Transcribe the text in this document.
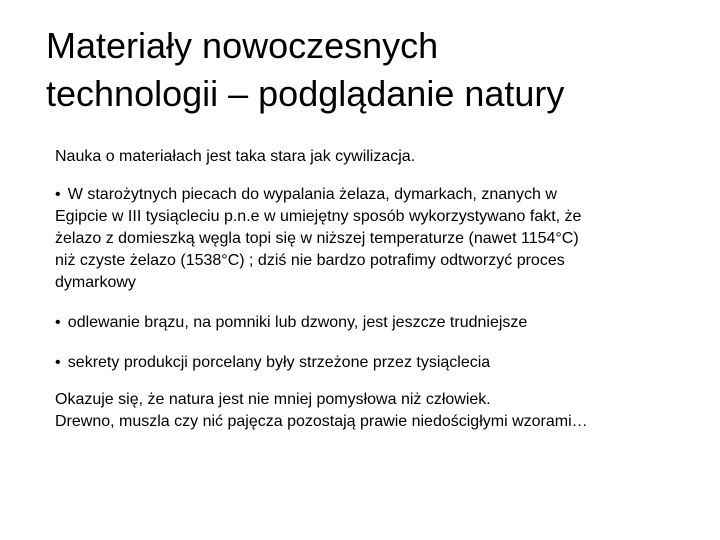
Materiały nowoczesnych
technologii – podglądanie natury

Nauka o materiałach jest taka stara jak cywilizacja.

• W starożytnych piecach do wypalania żelaza, dymarkach, znanych w
Egipcie w III tysiącleciu p.n.e w umiejętny sposób wykorzystywano fakt, że
żelazo z domieszką węgla topi się w niższej temperaturze (nawet 1154°C)
niż czyste żelazo (1538°C) ; dziś nie bardzo potrafimy odtworzyć proces
dymarkowy

• odlewanie brązu, na pomniki lub dzwony, jest jeszcze trudniejsze

• sekrety produkcji porcelany były strzeżone przez tysiąclecia

Okazuje się, że natura jest nie mniej pomysłowa niż człowiek.
Drewno, muszla czy nić pajęcza pozostają prawie niedościgłymi wzorami…
